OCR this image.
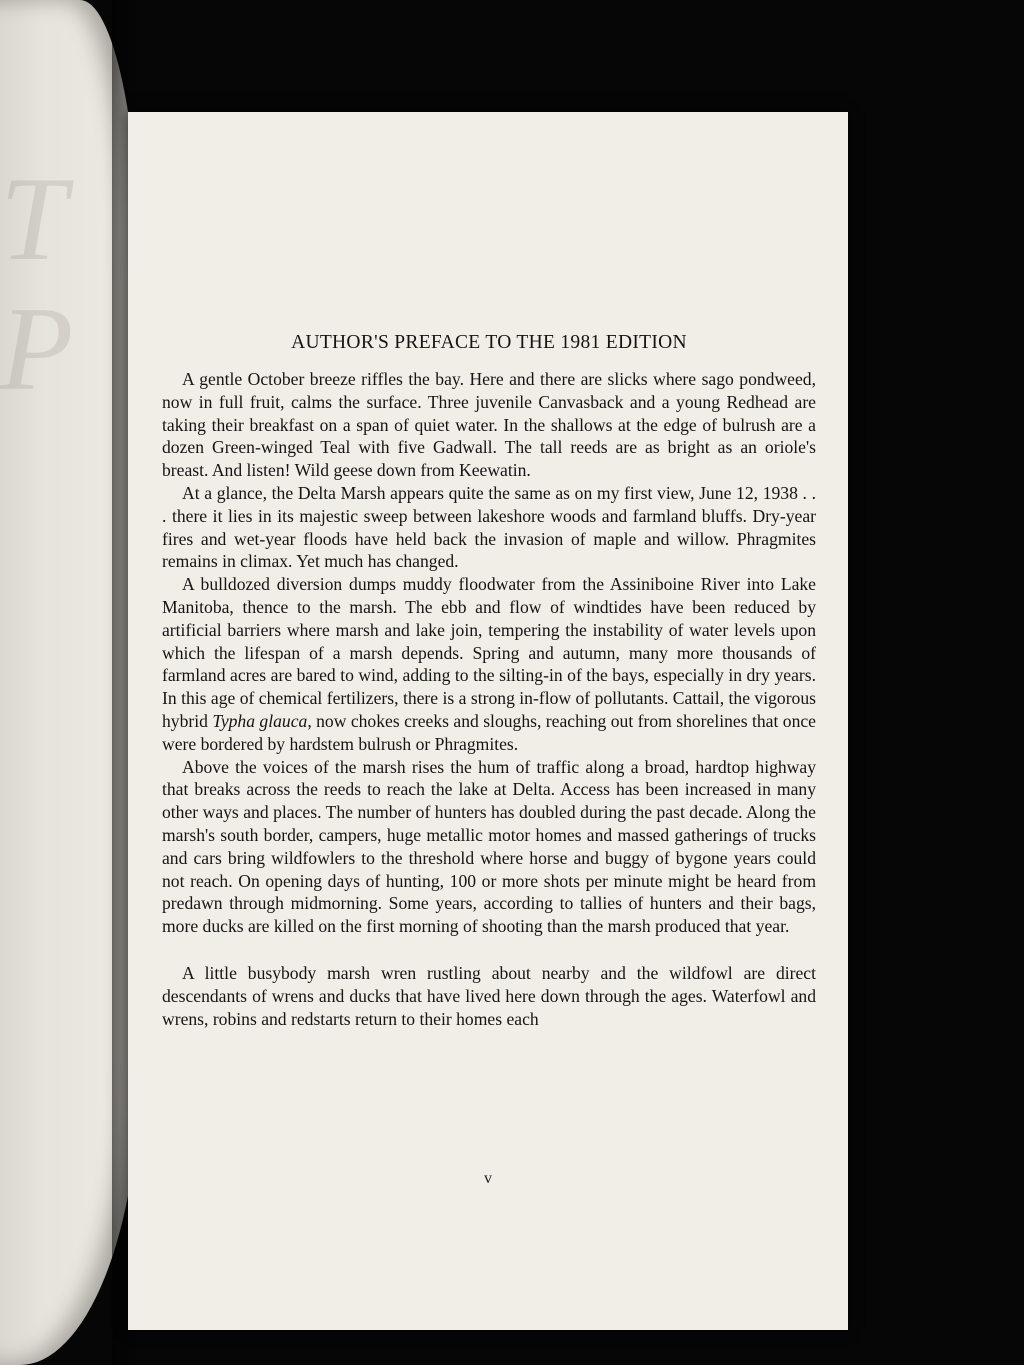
T
P	AUTHOR'S PREFACE TO THE 1981 EDITION

A gentle October breeze riffles the bay. Here and there are slicks where sago pondweed, now in full fruit, calms the surface. Three juvenile Canvasback and a young Redhead are taking their breakfast on a span of quiet water. In the shallows at the edge of bulrush are a dozen Green-winged Teal with five Gadwall. The tall reeds are as bright as an oriole's breast. And listen! Wild geese down from Keewatin.

At a glance, the Delta Marsh appears quite the same as on my first view, June 12, 1938 . . . there it lies in its majestic sweep between lakeshore woods and farmland bluffs. Dry-year fires and wet-year floods have held back the invasion of maple and willow. Phragmites remains in climax. Yet much has changed.

A bulldozed diversion dumps muddy floodwater from the Assiniboine River into Lake Manitoba, thence to the marsh. The ebb and flow of windtides have been reduced by artificial barriers where marsh and lake join, tempering the instability of water levels upon which the lifespan of a marsh depends. Spring and autumn, many more thousands of farmland acres are bared to wind, adding to the silting-in of the bays, especially in dry years. In this age of chemical fertilizers, there is a strong in-flow of pollutants. Cattail, the vigorous hybrid Typha glauca, now chokes creeks and sloughs, reaching out from shorelines that once were bordered by hardstem bulrush or Phragmites.

Above the voices of the marsh rises the hum of traffic along a broad, hardtop highway that breaks across the reeds to reach the lake at Delta. Access has been increased in many other ways and places. The number of hunters has doubled during the past decade. Along the marsh's south border, campers, huge metallic motor homes and massed gatherings of trucks and cars bring wildfowlers to the threshold where horse and buggy of bygone years could not reach. On opening days of hunting, 100 or more shots per minute might be heard from predawn through midmorning. Some years, according to tallies of hunters and their bags, more ducks are killed on the first morning of shooting than the marsh produced that year.

A little busybody marsh wren rustling about nearby and the wildfowl are direct descendants of wrens and ducks that have lived here down through the ages. Waterfowl and wrens, robins and redstarts return to their homes each

v
